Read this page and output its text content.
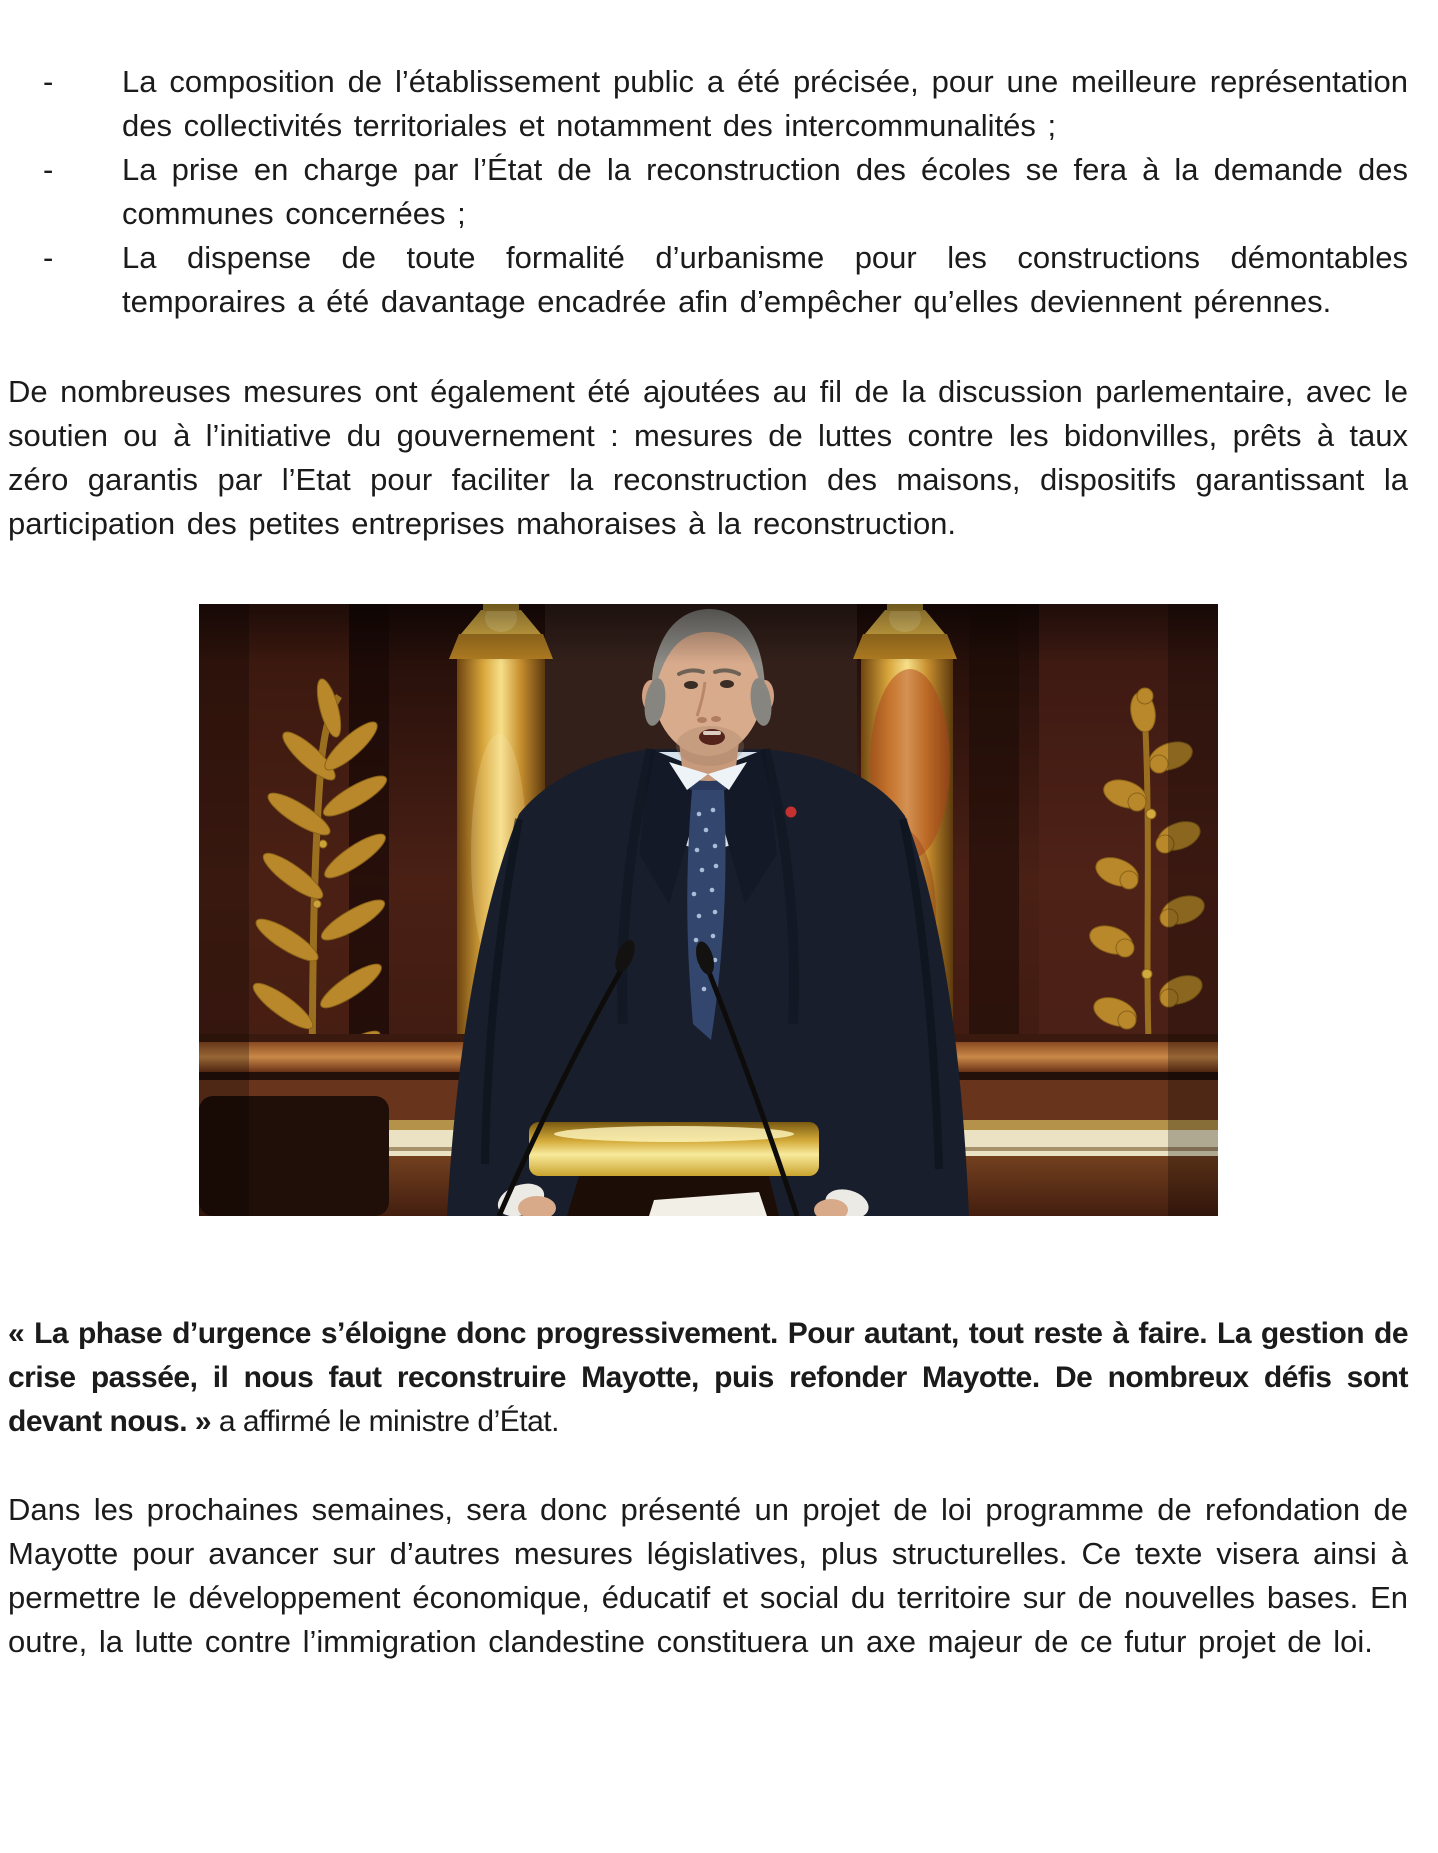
-	La composition de l’établissement public a été précisée, pour une meilleure représentation des collectivités territoriales et notamment des intercommunalités ;

-	La prise en charge par l’État de la reconstruction des écoles se fera à la demande des communes concernées ;

-	La dispense de toute formalité d’urbanisme pour les constructions démontables temporaires a été davantage encadrée afin d’empêcher qu’elles deviennent pérennes.

De nombreuses mesures ont également été ajoutées au fil de la discussion parlementaire, avec le soutien ou à l’initiative du gouvernement : mesures de luttes contre les bidonvilles, prêts à taux zéro garantis par l’Etat pour faciliter la reconstruction des maisons, dispositifs garantissant la participation des petites entreprises mahoraises à la reconstruction.

« La phase d’urgence s’éloigne donc progressivement. Pour autant, tout reste à faire. La gestion de crise passée, il nous faut reconstruire Mayotte, puis refonder Mayotte. De nombreux défis sont devant nous. » a affirmé le ministre d’État.

Dans les prochaines semaines, sera donc présenté un projet de loi programme de refondation de Mayotte pour avancer sur d’autres mesures législatives, plus structurelles. Ce texte visera ainsi à permettre le développement économique, éducatif et social du territoire sur de nouvelles bases. En outre, la lutte contre l’immigration clandestine constituera un axe majeur de ce futur projet de loi.
